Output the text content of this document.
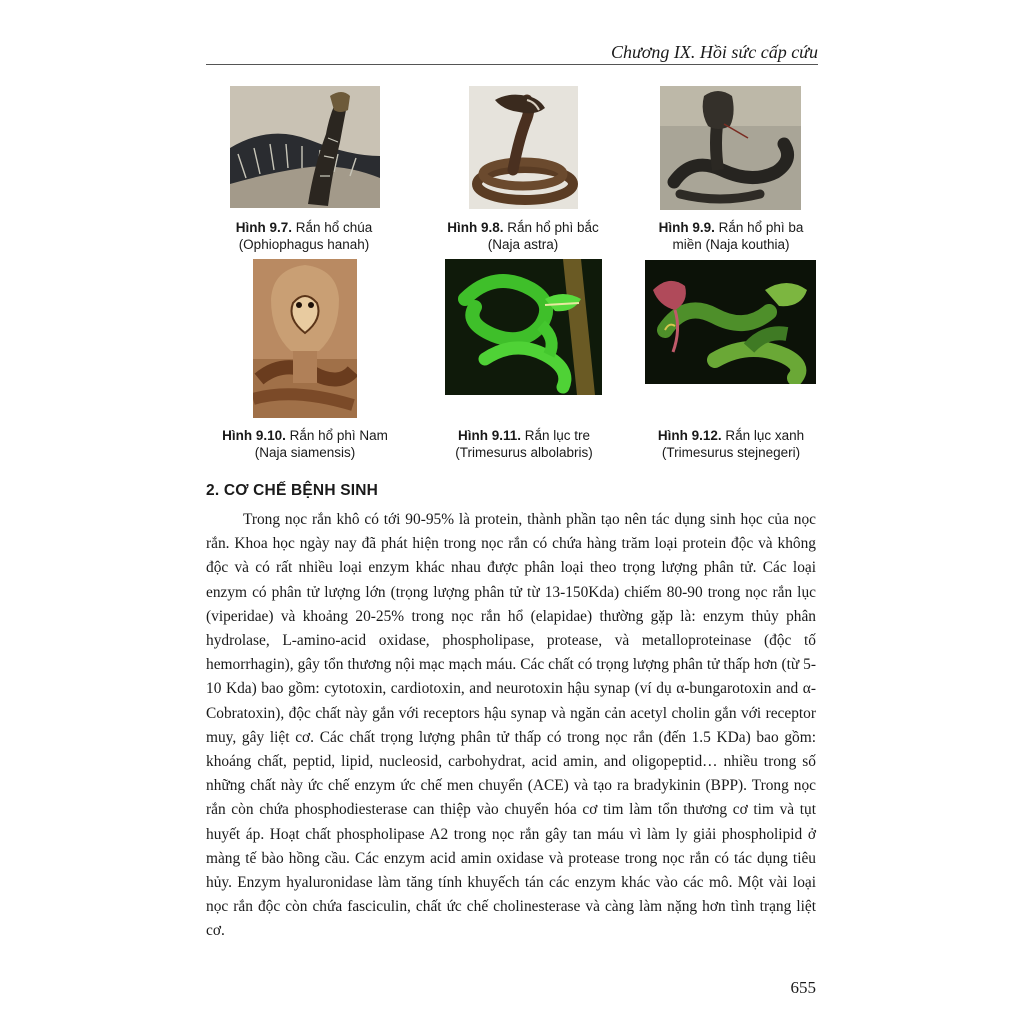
Chương IX. Hồi sức cấp cứu
Hình 9.7. Rắn hổ chúa
(Ophiophagus hanah)
Hình 9.8. Rắn hổ phì bắc
(Naja astra)
Hình 9.9. Rắn hổ phì ba
miền (Naja kouthia)
Hình 9.10. Rắn hổ phì Nam
(Naja siamensis)
Hình 9.11. Rắn lục tre
(Trimesurus albolabris)
Hình 9.12. Rắn lục xanh
(Trimesurus stejnegeri)
2. CƠ CHẾ BỆNH SINH

Trong nọc rắn khô có tới 90-95% là protein, thành phần tạo nên tác dụng sinh học của nọc rắn. Khoa học ngày nay đã phát hiện trong nọc rắn có chứa hàng trăm loại protein độc và không độc và có rất nhiều loại enzym khác nhau được phân loại theo trọng lượng phân tử. Các loại enzym có phân tử lượng lớn (trọng lượng phân tử từ 13-150Kda) chiếm 80-90 trong nọc rắn lục (viperidae) và khoảng 20-25% trong nọc rắn hổ (elapidae) thường gặp là: enzym thủy phân hydrolase, L-amino-acid oxidase, phospholipase, protease, và metalloproteinase (độc tố hemorrhagin), gây tổn thương nội mạc mạch máu. Các chất có trọng lượng phân tử thấp hơn (từ 5-10 Kda) bao gồm: cytotoxin, cardiotoxin, and neurotoxin hậu synap (ví dụ α-bungarotoxin and α-Cobratoxin), độc chất này gắn với receptors hậu synap và ngăn cản acetyl cholin gắn với receptor muy, gây liệt cơ. Các chất trọng lượng phân tử thấp có trong nọc rắn (đến 1.5 KDa) bao gồm: khoáng chất, peptid, lipid, nucleosid, carbohydrat, acid amin, and oligopeptid… nhiều trong số những chất này ức chế enzym ức chế men chuyển (ACE) và tạo ra bradykinin (BPP). Trong nọc rắn còn chứa phosphodiesterase can thiệp vào chuyển hóa cơ tim làm tổn thương cơ tim và tụt huyết áp. Hoạt chất phospholipase A2 trong nọc rắn gây tan máu vì làm ly giải phospholipid ở màng tế bào hồng cầu. Các enzym acid amin oxidase và protease trong nọc rắn có tác dụng tiêu hủy. Enzym hyaluronidase làm tăng tính khuyếch tán các enzym khác vào các mô. Một vài loại nọc rắn độc còn chứa fasciculin, chất ức chế cholinesterase và càng làm nặng hơn tình trạng liệt cơ.

655
